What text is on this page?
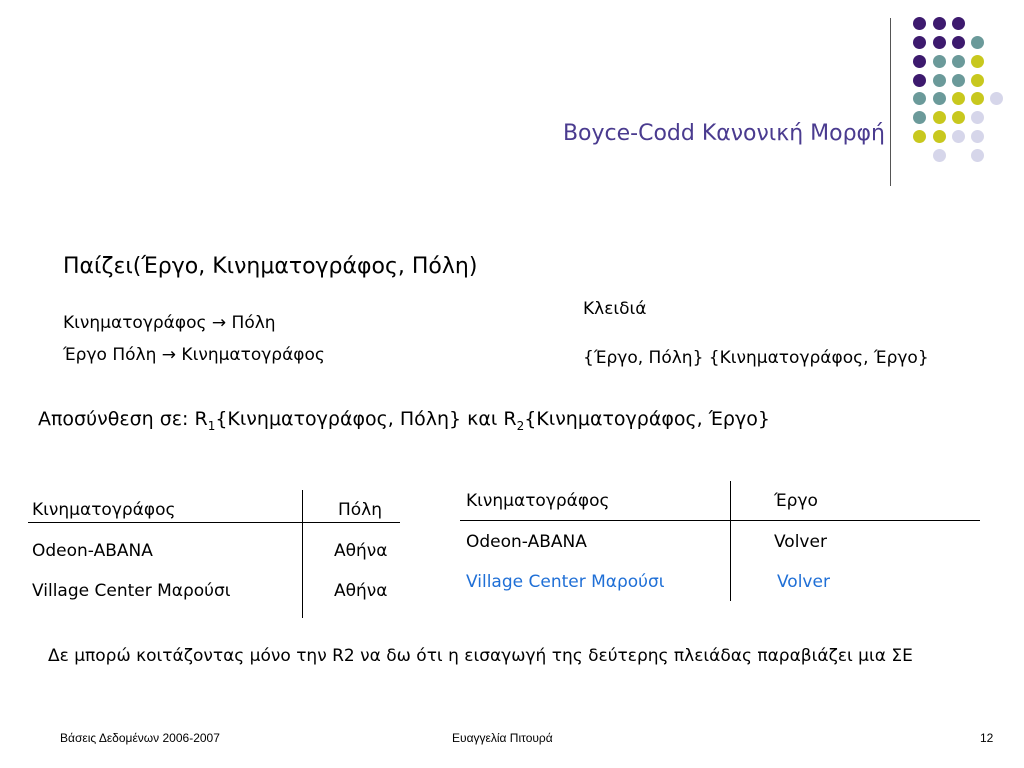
Boyce-Codd Κανονική Μορφή
Παίζει(Έργο, Κινηματογράφος, Πόλη)
Κινηματογράφος → Πόλη
Έργο Πόλη → Κινηματογράφος
Κλειδιά
{Έργο, Πόλη} {Κινηματογράφος, Έργο}
Αποσύνθεση σε: $R_1\{K\iota\nu\eta\mu\alpha\tau o\gamma\rho ά\varphi o\varsigma$, Πόλη} και $R_2\{K\iota\nu\eta\mu\alpha\tau o\gamma\rho ά\varphi o\varsigma$, Έργο}
Κινηματογράφος	Πόλη
Odeon-ABANA	Αθήνα
Village Center Μαρούσι	Αθήνα
Κινηματογράφος	Έργο
Odeon-ABANA	Volver
Village Center Μαρούσι	Volver
Δε μπορώ κοιτάζοντας μόνο την R2 να δω ότι η εισαγωγή της δεύτερης πλειάδας παραβιάζει μια ΣΕ
Βάσεις Δεδομένων 2006-2007	Ευαγγελία Πιτουρά	12
